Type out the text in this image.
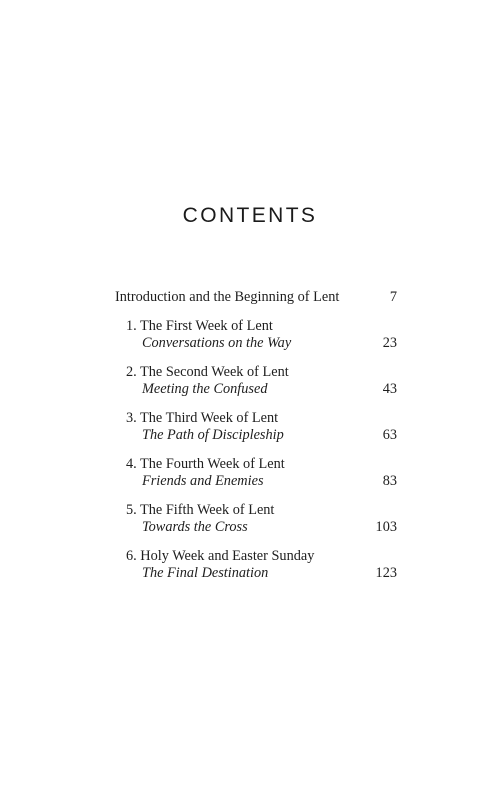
CONTENTS
Introduction and the Beginning of Lent	7
1. The First Week of Lent
Conversations on the Way	23
2. The Second Week of Lent
Meeting the Confused	43
3. The Third Week of Lent
The Path of Discipleship	63
4. The Fourth Week of Lent
Friends and Enemies	83
5. The Fifth Week of Lent
Towards the Cross	103
6. Holy Week and Easter Sunday
The Final Destination	123
